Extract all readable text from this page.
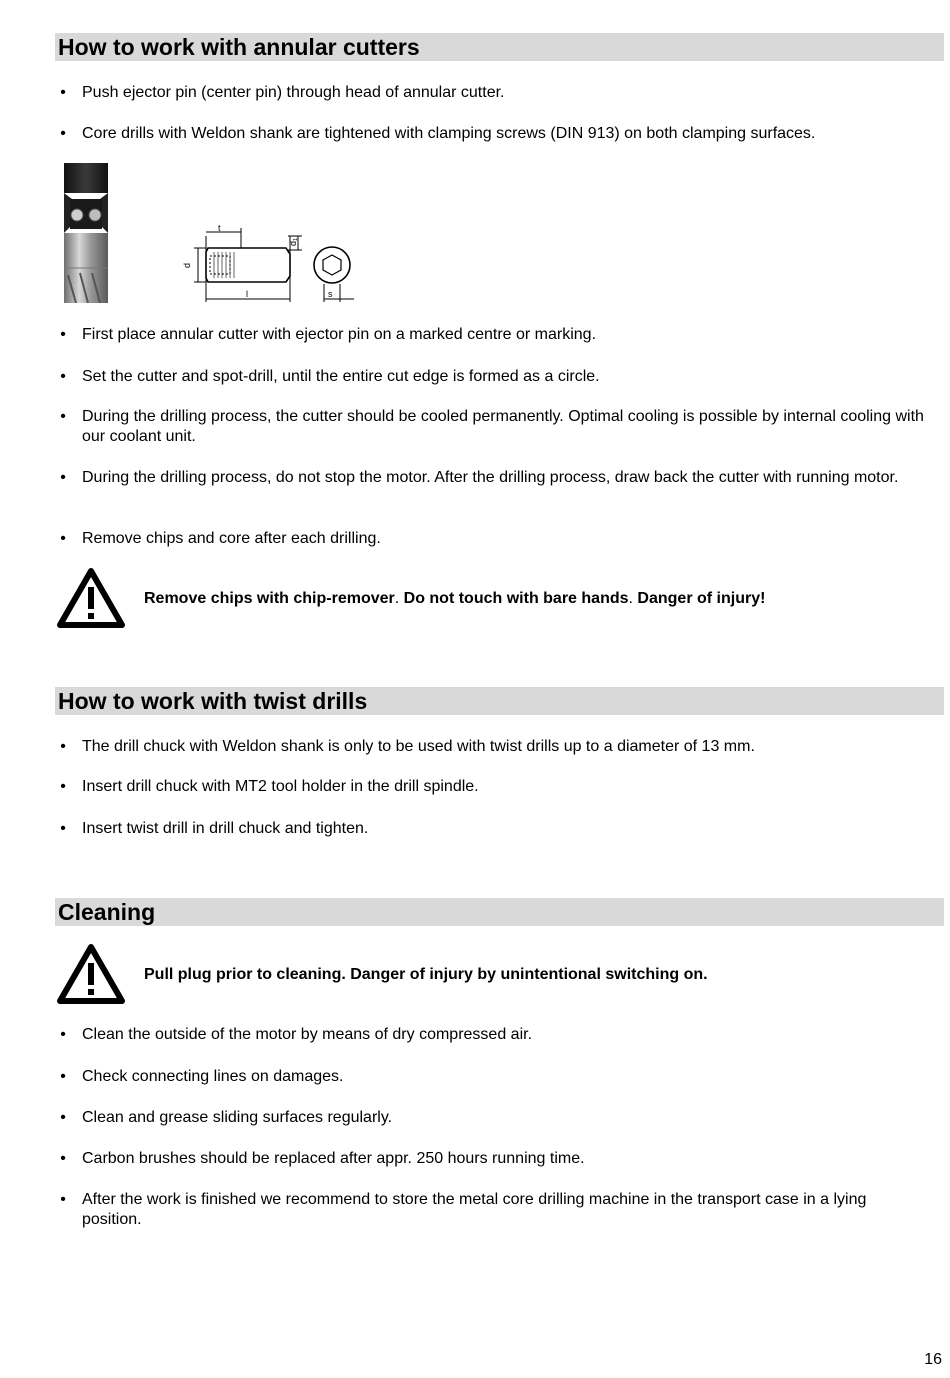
How to work with annular cutters
• Push ejector pin (center pin) through head of annular cutter.
• Core drills with Weldon shank are tightened with clamping screws (DIN 913) on both clamping surfaces.
t
d₁
d
l	s
• First place annular cutter with ejector pin on a marked centre or marking.
• Set the cutter and spot-drill, until the entire cut edge is formed as a circle.
• During the drilling process, the cutter should be cooled permanently. Optimal cooling is possible by internal cooling with our coolant unit.
• During the drilling process, do not stop the motor. After the drilling process, draw back the cutter with running motor.
• Remove chips and core after each drilling.
Remove chips with chip-remover. Do not touch with bare hands. Danger of injury!
How to work with twist drills
• The drill chuck with Weldon shank is only to be used with twist drills up to a diameter of 13 mm.
• Insert drill chuck with MT2 tool holder in the drill spindle.
• Insert twist drill in drill chuck and tighten.
Cleaning
Pull plug prior to cleaning. Danger of injury by unintentional switching on.
• Clean the outside of the motor by means of dry compressed air.
• Check connecting lines on damages.
• Clean and grease sliding surfaces regularly.
• Carbon brushes should be replaced after appr. 250 hours running time.
• After the work is finished we recommend to store the metal core drilling machine in the transport case in a lying position.
16
